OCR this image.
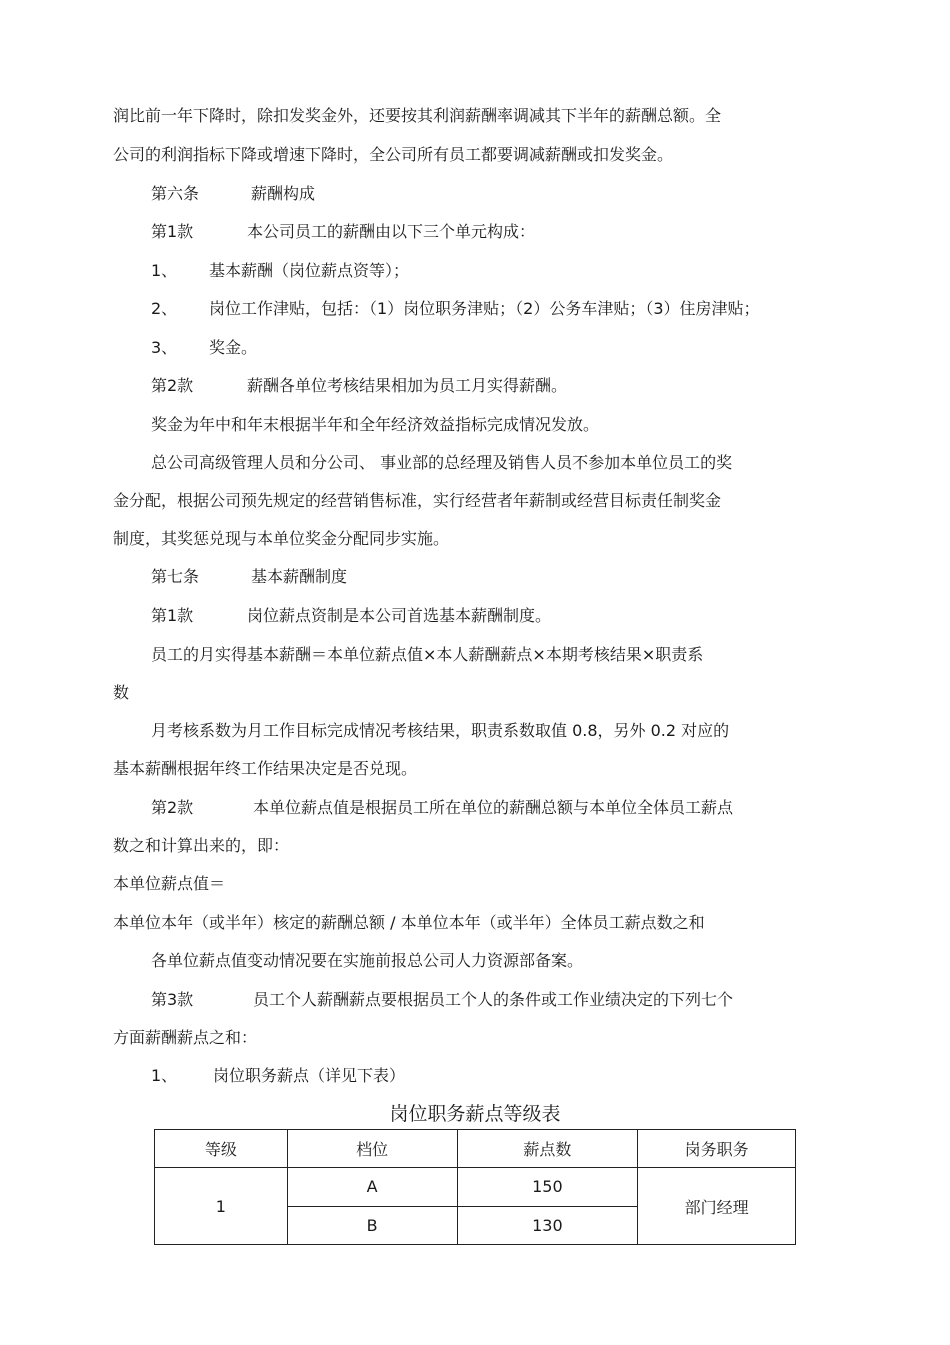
润比前一年下降时，除扣发奖金外，还要按其利润薪酬率调减其下半年的薪酬总额。全
公司的利润指标下降或增速下降时，全公司所有员工都要调减薪酬或扣发奖金。
第六条	薪酬构成
第1款	本公司员工的薪酬由以下三个单元构成：
1、 基本薪酬（岗位薪点资等）；
2、 岗位工作津贴，包括：（1）岗位职务津贴；（2）公务车津贴；（3）住房津贴；
3、 奖金。
第2款	薪酬各单位考核结果相加为员工月实得薪酬。
奖金为年中和年末根据半年和全年经济效益指标完成情况发放。
总公司高级管理人员和分公司、 事业部的总经理及销售人员不参加本单位员工的奖
金分配，根据公司预先规定的经营销售标准，实行经营者年薪制或经营目标责任制奖金
制度，其奖惩兑现与本单位奖金分配同步实施。
第七条	基本薪酬制度
第1款	岗位薪点资制是本公司首选基本薪酬制度。
员工的月实得基本薪酬＝本单位薪点值×本人薪酬薪点×本期考核结果×职责系
数
月考核系数为月工作目标完成情况考核结果，职责系数取值 0.8，另外 0.2 对应的
基本薪酬根据年终工作结果决定是否兑现。
第2款	本单位薪点值是根据员工所在单位的薪酬总额与本单位全体员工薪点
数之和计算出来的，即：
本单位薪点值＝
本单位本年（或半年）核定的薪酬总额 / 本单位本年（或半年）全体员工薪点数之和
各单位薪点值变动情况要在实施前报总公司人力资源部备案。
第3款	员工个人薪酬薪点要根据员工个人的条件或工作业绩决定的下列七个
方面薪酬薪点之和：
1、 岗位职务薪点（详见下表）
岗位职务薪点等级表
等级	档位	薪点数	岗务职务
1	A	150	部门经理
	B	130	
